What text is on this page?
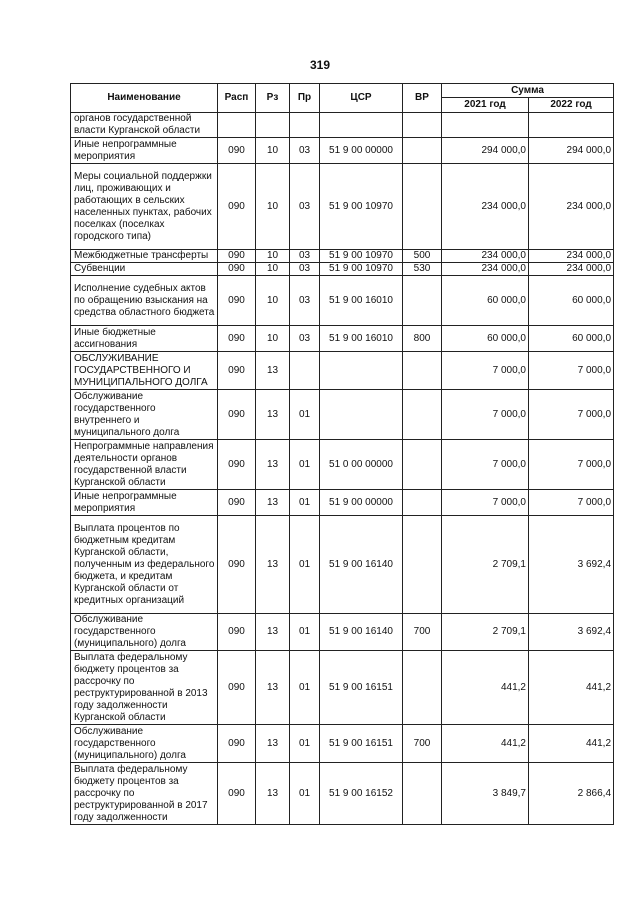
319
Наименование	Расп	Рз	Пр	ЦСР	ВР	Сумма	
						2021 год	2022 год
органов государственной власти Курганской области							
Иные непрограммные мероприятия	090	10	03	51 9 00 00000		294 000,0	294 000,0
Меры социальной поддержки лиц, проживающих и работающих в сельских населенных пунктах, рабочих поселках (поселках городского типа)	090	10	03	51 9 00 10970		234 000,0	234 000,0
Межбюджетные трансферты	090	10	03	51 9 00 10970	500	234 000,0	234 000,0
Субвенции	090	10	03	51 9 00 10970	530	234 000,0	234 000,0
Исполнение судебных актов по обращению взыскания на средства областного бюджета	090	10	03	51 9 00 16010		60 000,0	60 000,0
Иные бюджетные ассигнования	090	10	03	51 9 00 16010	800	60 000,0	60 000,0
ОБСЛУЖИВАНИЕ ГОСУДАРСТВЕННОГО И МУНИЦИПАЛЬНОГО ДОЛГА	090	13				7 000,0	7 000,0
Обслуживание государственного внутреннего и муниципального долга	090	13	01			7 000,0	7 000,0
Непрограммные направления деятельности органов государственной власти Курганской области	090	13	01	51 0 00 00000		7 000,0	7 000,0
Иные непрограммные мероприятия	090	13	01	51 9 00 00000		7 000,0	7 000,0
Выплата процентов по бюджетным кредитам Курганской области, полученным из федерального бюджета, и кредитам Курганской области от кредитных организаций	090	13	01	51 9 00 16140		2 709,1	3 692,4
Обслуживание государственного (муниципального) долга	090	13	01	51 9 00 16140	700	2 709,1	3 692,4
Выплата федеральному бюджету процентов за рассрочку по реструктурированной в 2013 году задолженности Курганской области	090	13	01	51 9 00 16151		441,2	441,2
Обслуживание государственного (муниципального) долга	090	13	01	51 9 00 16151	700	441,2	441,2
Выплата федеральному бюджету процентов за рассрочку по реструктурированной в 2017 году задолженности	090	13	01	51 9 00 16152		3 849,7	2 866,4
